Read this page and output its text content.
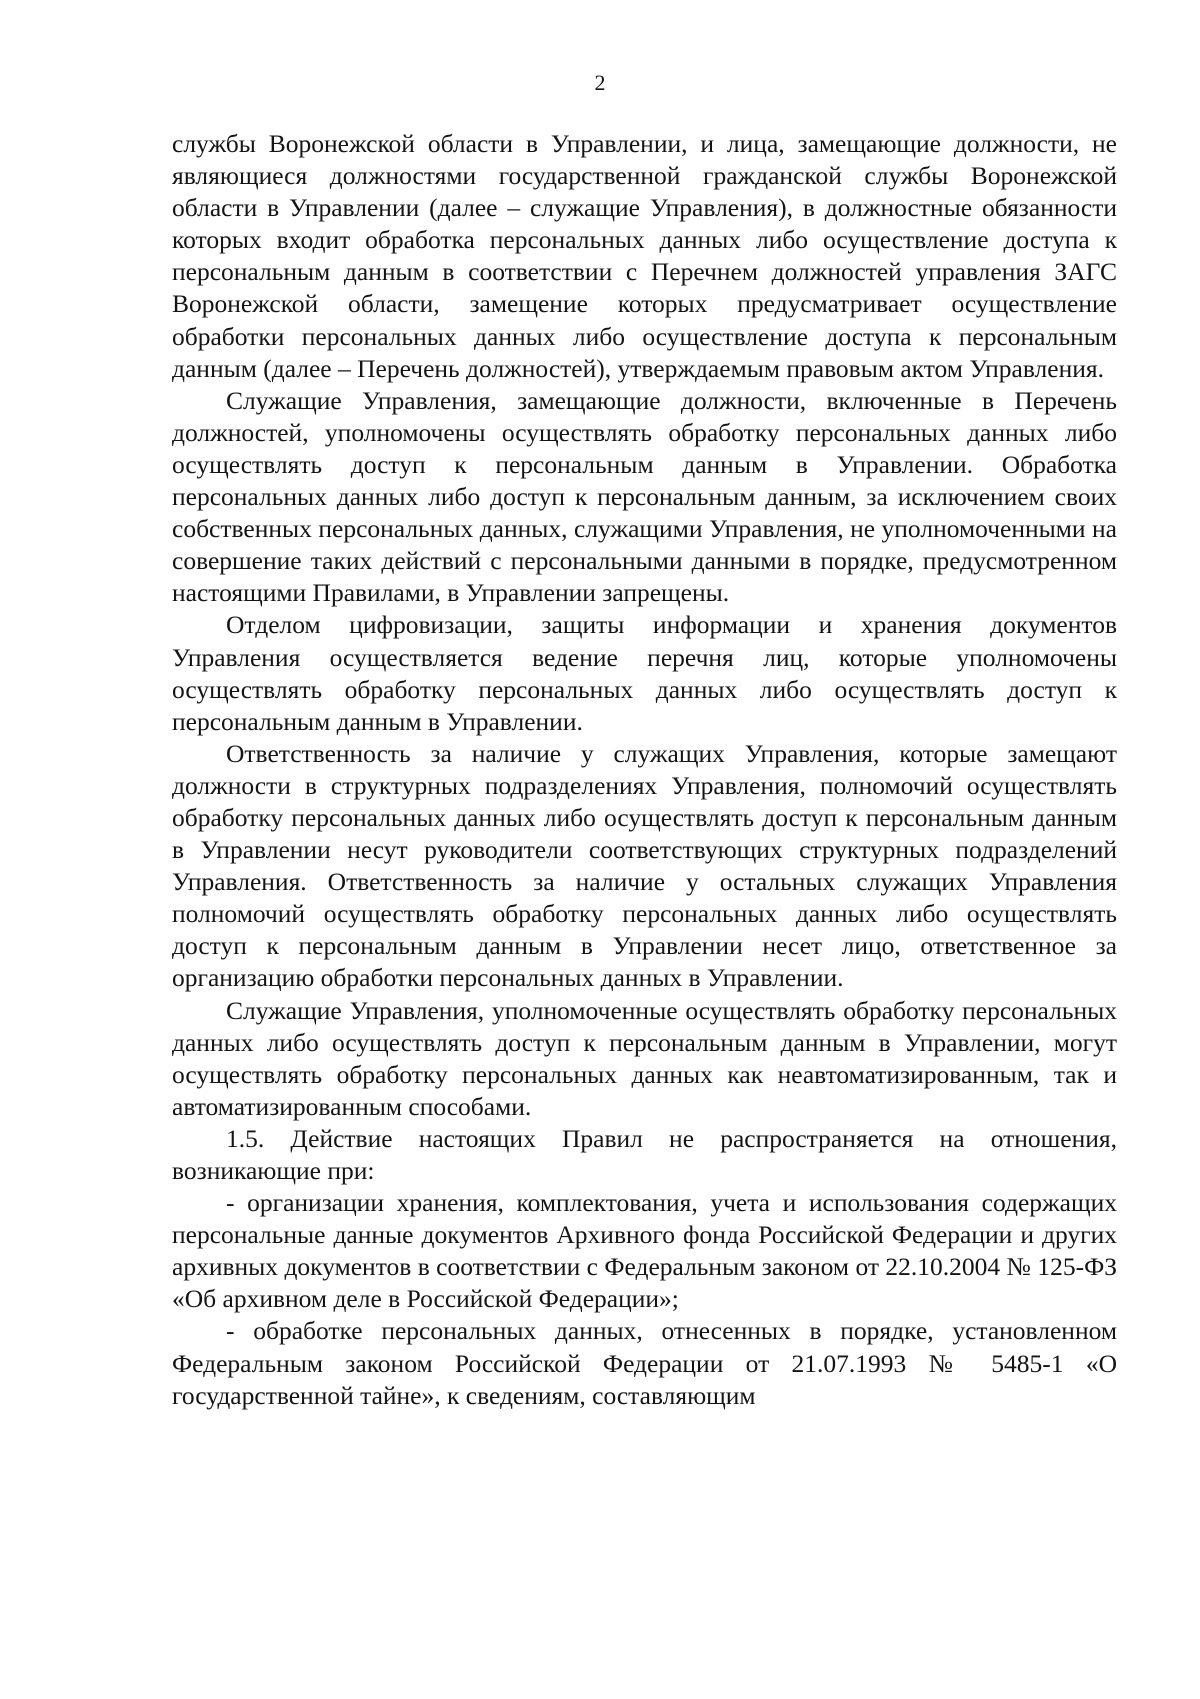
2

службы Воронежской области в Управлении, и лица, замещающие должности, не являющиеся должностями государственной гражданской службы Воронежской области в Управлении (далее – служащие Управления), в должностные обязанности которых входит обработка персональных данных либо осуществление доступа к персональным данным в соответствии с Перечнем должностей управления ЗАГС Воронежской области, замещение которых предусматривает осуществление обработки персональных данных либо осуществление доступа к персональным данным (далее – Перечень должностей), утверждаемым правовым актом Управления.

Служащие Управления, замещающие должности, включенные в Перечень должностей, уполномочены осуществлять обработку персональных данных либо осуществлять доступ к персональным данным в Управлении. Обработка персональных данных либо доступ к персональным данным, за исключением своих собственных персональных данных, служащими Управления, не уполномоченными на совершение таких действий с персональными данными в порядке, предусмотренном настоящими Правилами, в Управлении запрещены.

Отделом цифровизации, защиты информации и хранения документов Управления осуществляется ведение перечня лиц, которые уполномочены осуществлять обработку персональных данных либо осуществлять доступ к персональным данным в Управлении.

Ответственность за наличие у служащих Управления, которые замещают должности в структурных подразделениях Управления, полномочий осуществлять обработку персональных данных либо осуществлять доступ к персональным данным в Управлении несут руководители соответствующих структурных подразделений Управления. Ответственность за наличие у остальных служащих Управления полномочий осуществлять обработку персональных данных либо осуществлять доступ к персональным данным в Управлении несет лицо, ответственное за организацию обработки персональных данных в Управлении.

Служащие Управления, уполномоченные осуществлять обработку персональных данных либо осуществлять доступ к персональным данным в Управлении, могут осуществлять обработку персональных данных как неавтоматизированным, так и автоматизированным способами.

1.5. Действие настоящих Правил не распространяется на отношения, возникающие при:

- организации хранения, комплектования, учета и использования содержащих персональные данные документов Архивного фонда Российской Федерации и других архивных документов в соответствии с Федеральным законом от 22.10.2004 № 125-ФЗ «Об архивном деле в Российской Федерации»;

- обработке персональных данных, отнесенных в порядке, установленном Федеральным законом Российской Федерации от 21.07.1993 № 5485-1 «О государственной тайне», к сведениям, составляющим
